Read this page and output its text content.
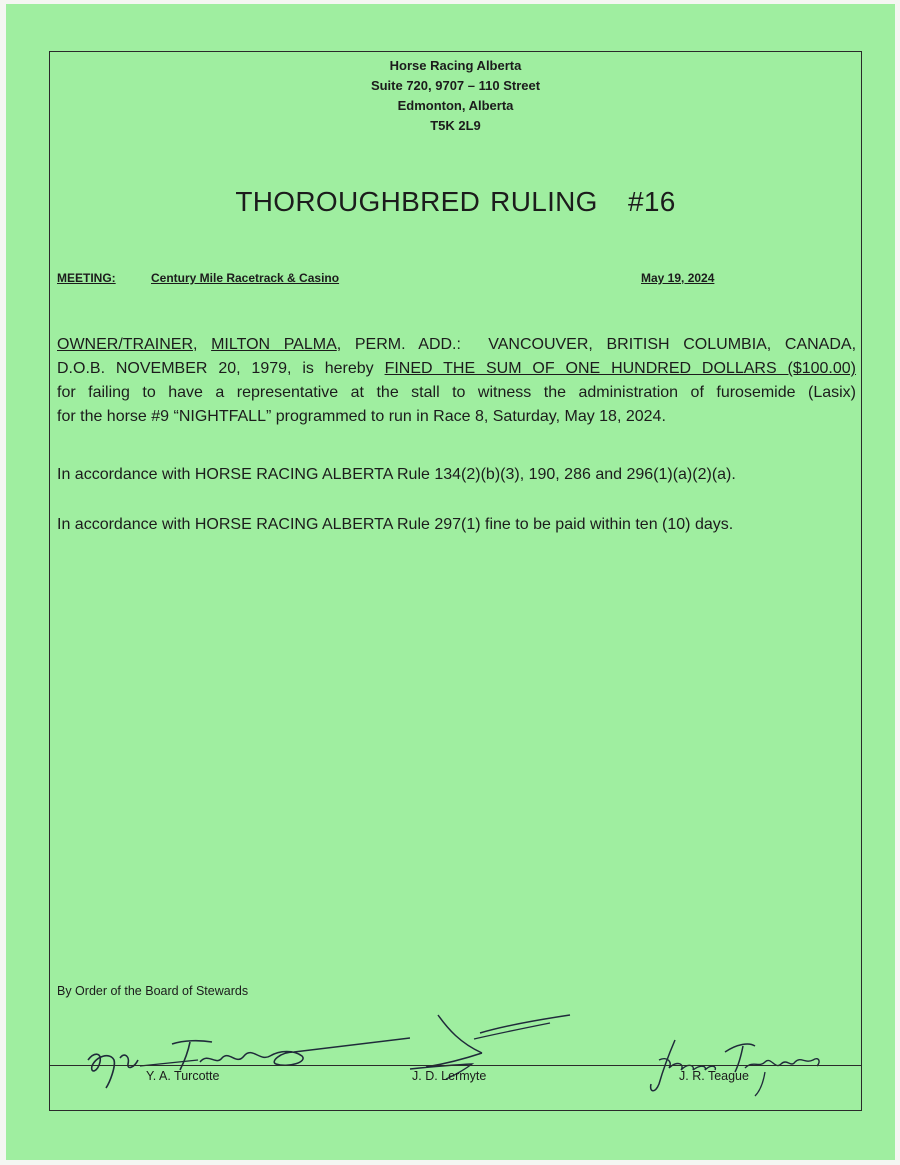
Horse Racing Alberta
Suite 720, 9707 – 110 Street
Edmonton, Alberta
T5K 2L9
THOROUGHBRED RULING   #16
MEETING:	Century Mile Racetrack & Casino	May 19, 2024
OWNER/TRAINER, MILTON PALMA, PERM. ADD.:  VANCOUVER, BRITISH COLUMBIA, CANADA,
D.O.B. NOVEMBER 20, 1979, is hereby FINED THE SUM OF ONE HUNDRED DOLLARS ($100.00)
for failing to have a representative at the stall to witness the administration of furosemide (Lasix)
for the horse #9 “NIGHTFALL” programmed to run in Race 8, Saturday, May 18, 2024.
In accordance with HORSE RACING ALBERTA Rule 134(2)(b)(3), 190, 286 and 296(1)(a)(2)(a).
In accordance with HORSE RACING ALBERTA Rule 297(1) fine to be paid within ten (10) days.
By Order of the Board of Stewards
Y. A. Turcotte	J. D. Lermyte	J. R. Teague
